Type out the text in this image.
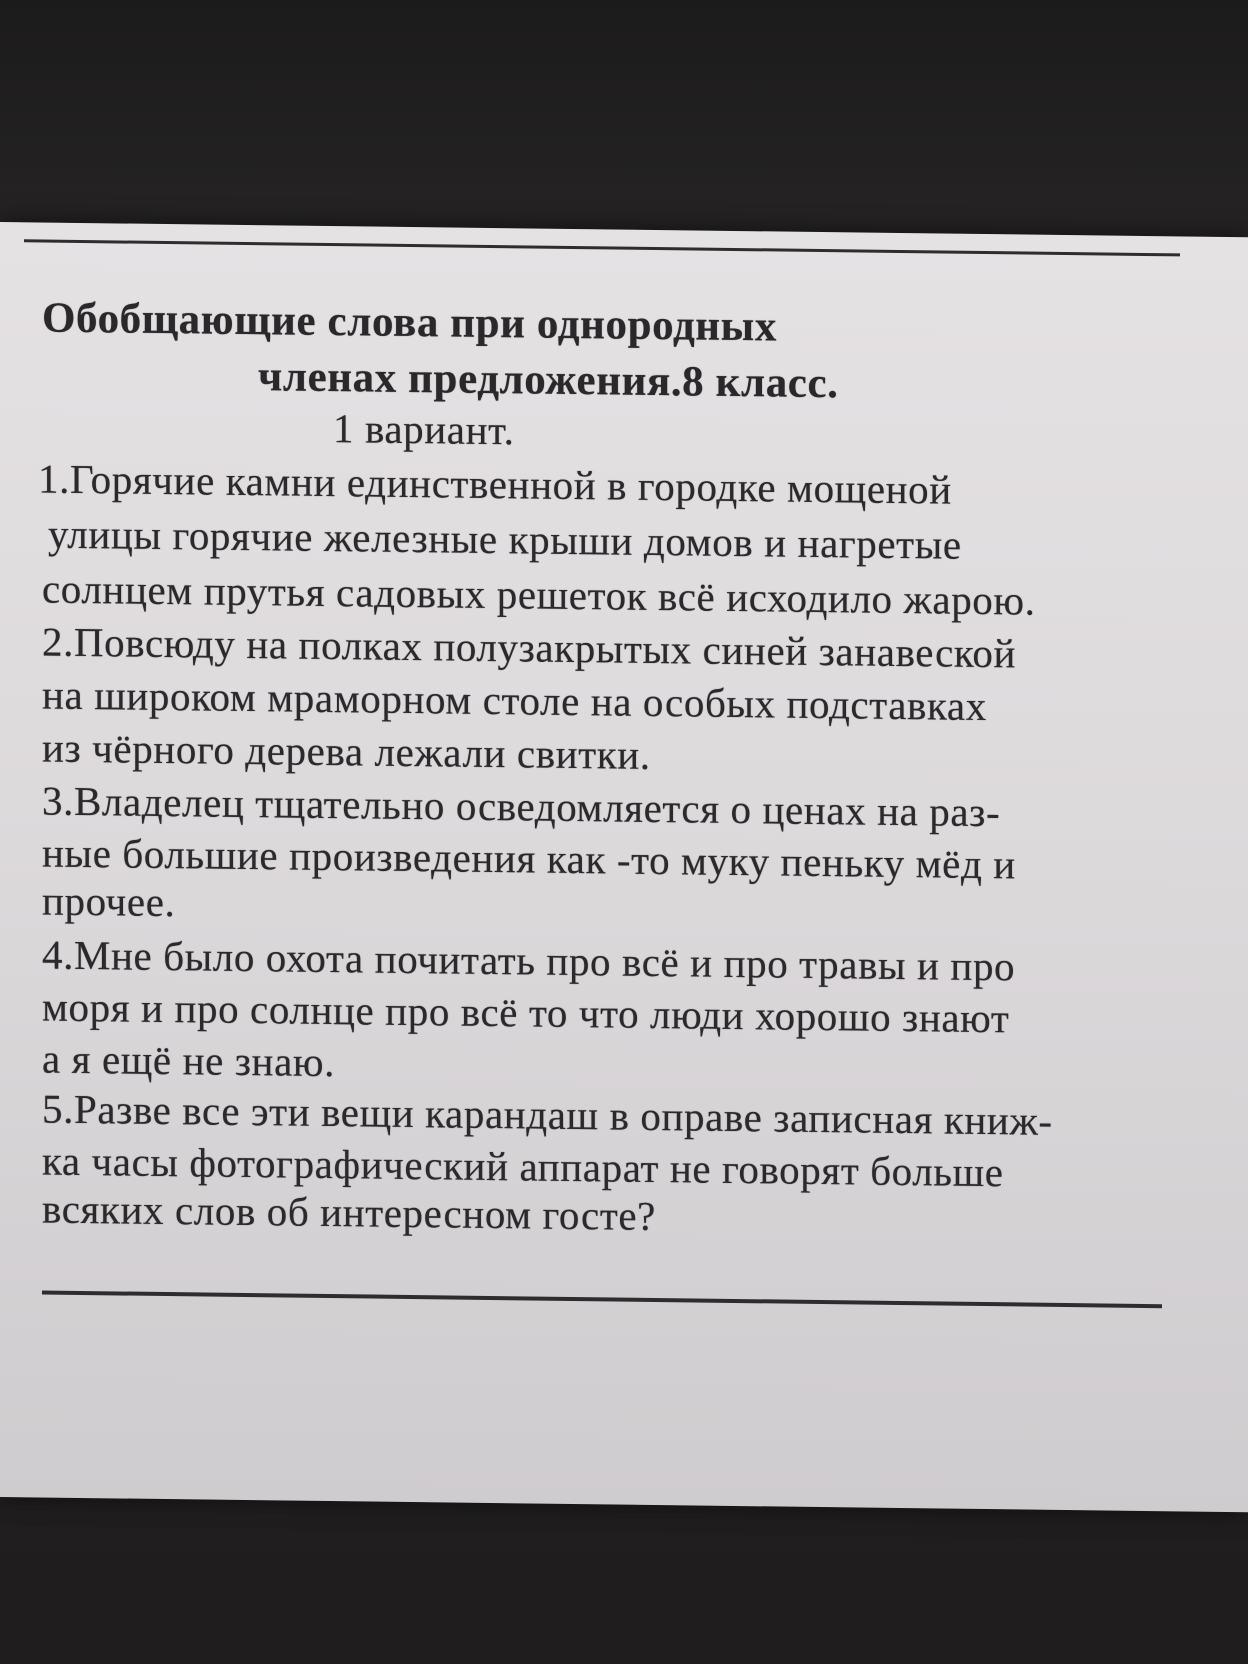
Обобщающие слова при однородных
членах предложения.8 класс.
1 вариант.
1.Горячие камни единственной в городке мощеной
улицы горячие железные крыши домов и нагретые
солнцем прутья садовых решеток всё исходило жарою.
2.Повсюду на полках полузакрытых синей занавеской
на широком мраморном столе на особых подставках
из чёрного дерева лежали свитки.
3.Владелец тщательно осведомляется о ценах на раз-
ные большие произведения как -то муку пеньку мёд и
прочее.
4.Мне было охота почитать про всё и про травы и про
моря и про солнце про всё то что люди хорошо знают
а я ещё не знаю.
5.Разве все эти вещи карандаш в оправе записная книж-
ка часы фотографический аппарат не говорят больше
всяких слов об интересном госте?
